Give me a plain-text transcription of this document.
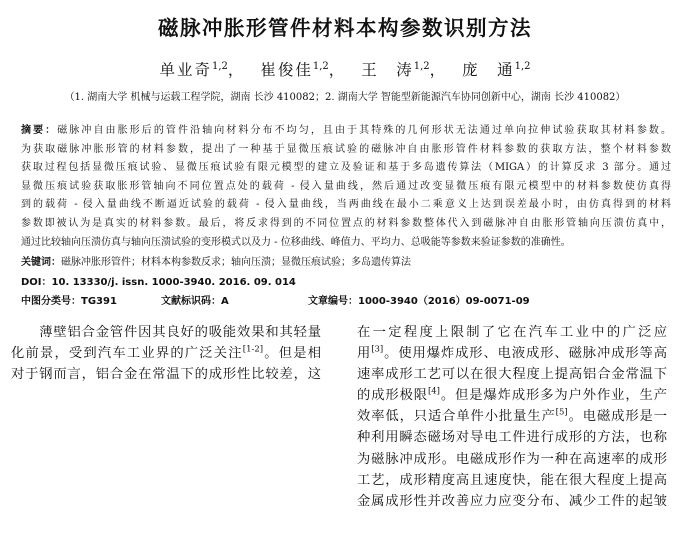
磁脉冲胀形管件材料本构参数识别方法
单业奇$^{1,2}$， 崔俊佳$^{1,2}$， 王　涛$^{1,2}$， 庞　通$^{1,2}$
（1. 湖南大学 机械与运载工程学院，湖南 长沙 410082；2. 湖南大学 智能型新能源汽车协同创新中心，湖南 长沙 410082）
摘要：磁脉冲自由胀形后的管件沿轴向材料分布不均匀，且由于其特殊的几何形状无法通过单向拉伸试验获取其材料参数。
为获取磁脉冲胀形管的材料参数，提出了一种基于显微压痕试验的磁脉冲自由胀形管件材料参数的获取方法，整个材料参数
获取过程包括显微压痕试验、显微压痕试验有限元模型的建立及验证和基于多岛遗传算法（MIGA）的计算反求 3 部分。通过
显微压痕试验获取胀形管轴向不同位置点处的载荷 - 侵入量曲线，然后通过改变显微压痕有限元模型中的材料参数使仿真得
到的载荷 - 侵入量曲线不断逼近试验的载荷 - 侵入量曲线，当两曲线在最小二乘意义上达到误差最小时，由仿真得到的材料
参数即被认为是真实的材料参数。最后，将反求得到的不同位置点的材料参数整体代入到磁脉冲自由胀形管轴向压溃仿真中，
通过比较轴向压溃仿真与轴向压溃试验的变形模式以及力 - 位移曲线、峰值力、平均力、总吸能等参数来验证参数的准确性。
关键词：磁脉冲胀形管件；材料本构参数反求；轴向压溃；显微压痕试验；多岛遗传算法
DOI：10. 13330/j. issn. 1000-3940. 2016. 09. 014
中图分类号：TG391	文献标识码：A	文章编号：1000-3940（2016）09-0071-09
　　薄壁铝合金管件因其良好的吸能效果和其轻量
化前景，受到汽车工业界的广泛关注[1-2]。但是相
对于钢而言，铝合金在常温下的成形性比较差，这
在一定程度上限制了它在汽车工业中的广泛应
用[3]。使用爆炸成形、电液成形、磁脉冲成形等高
速率成形工艺可以在很大程度上提高铝合金常温下
的成形极限[4]。但是爆炸成形多为户外作业，生产
效率低，只适合单件小批量生产[5]。电磁成形是一
种利用瞬态磁场对导电工件进行成形的方法，也称
为磁脉冲成形。电磁成形作为一种在高速率的成形
工艺，成形精度高且速度快，能在很大程度上提高
金属成形性并改善应力应变分布、减少工件的起皱
